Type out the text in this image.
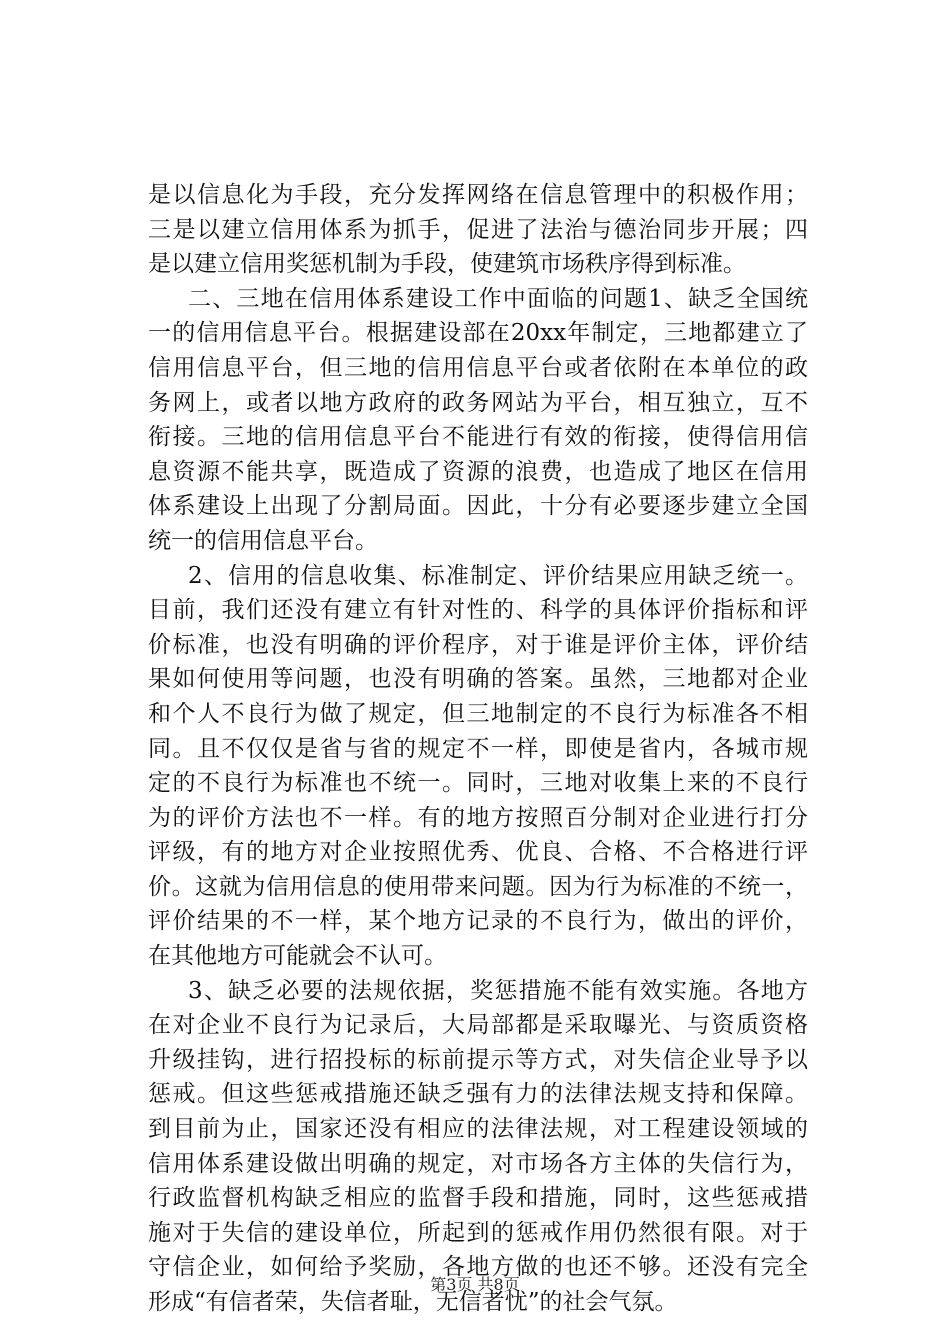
是以信息化为手段，充分发挥网络在信息管理中的积极作用；
三是以建立信用体系为抓手，促进了法治与德治同步开展；四
是以建立信用奖惩机制为手段，使建筑市场秩序得到标准。
二、三地在信用体系建设工作中面临的问题1、缺乏全国统
一的信用信息平台。根据建设部在20xx年制定，三地都建立了
信用信息平台，但三地的信用信息平台或者依附在本单位的政
务网上，或者以地方政府的政务网站为平台，相互独立，互不
衔接。三地的信用信息平台不能进行有效的衔接，使得信用信
息资源不能共享，既造成了资源的浪费，也造成了地区在信用
体系建设上出现了分割局面。因此，十分有必要逐步建立全国
统一的信用信息平台。
2、信用的信息收集、标准制定、评价结果应用缺乏统一。
目前，我们还没有建立有针对性的、科学的具体评价指标和评
价标准，也没有明确的评价程序，对于谁是评价主体，评价结
果如何使用等问题，也没有明确的答案。虽然，三地都对企业
和个人不良行为做了规定，但三地制定的不良行为标准各不相
同。且不仅仅是省与省的规定不一样，即使是省内，各城市规
定的不良行为标准也不统一。同时，三地对收集上来的不良行
为的评价方法也不一样。有的地方按照百分制对企业进行打分
评级，有的地方对企业按照优秀、优良、合格、不合格进行评
价。这就为信用信息的使用带来问题。因为行为标准的不统一，
评价结果的不一样，某个地方记录的不良行为，做出的评价，
在其他地方可能就会不认可。
3、缺乏必要的法规依据，奖惩措施不能有效实施。各地方
在对企业不良行为记录后，大局部都是采取曝光、与资质资格
升级挂钩，进行招投标的标前提示等方式，对失信企业导予以
惩戒。但这些惩戒措施还缺乏强有力的法律法规支持和保障。
到目前为止，国家还没有相应的法律法规，对工程建设领域的
信用体系建设做出明确的规定，对市场各方主体的失信行为，
行政监督机构缺乏相应的监督手段和措施，同时，这些惩戒措
施对于失信的建设单位，所起到的惩戒作用仍然很有限。对于
守信企业，如何给予奖励，各地方做的也还不够。还没有完全
形成“有信者荣，失信者耻，无信者忧”的社会气氛。
第3页 共8页
